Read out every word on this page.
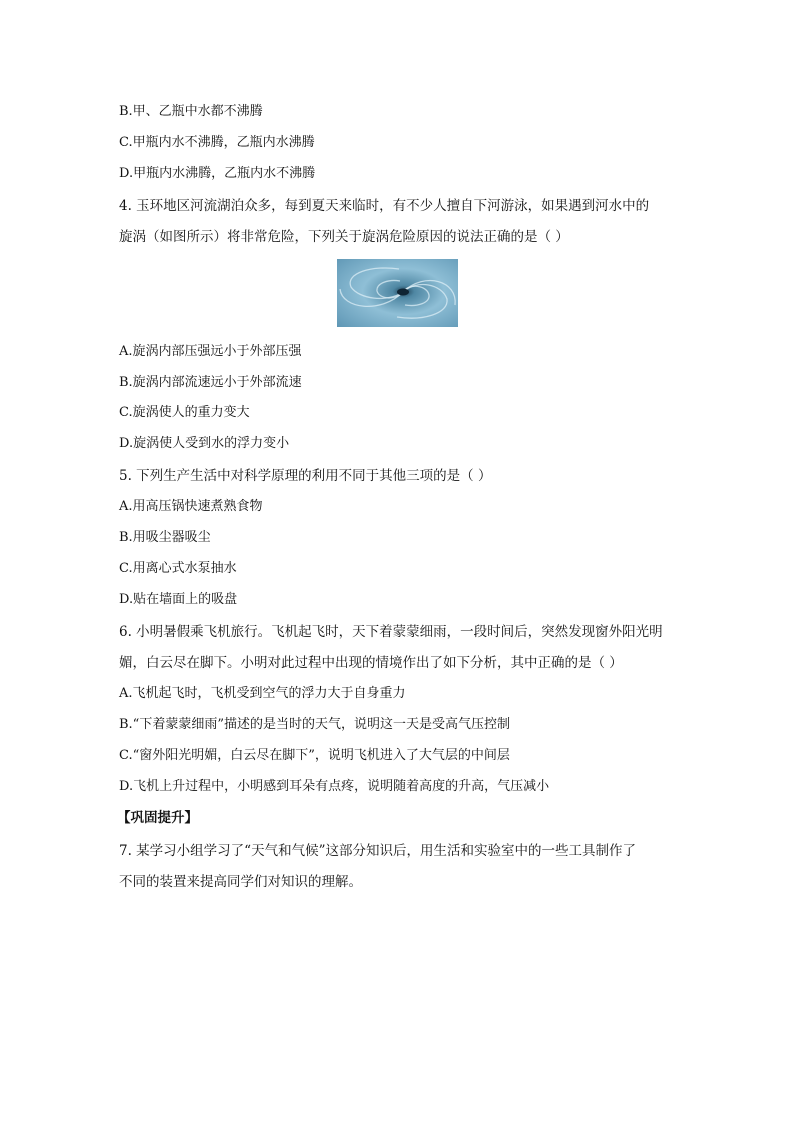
B.甲、乙瓶中水都不沸腾
C.甲瓶内水不沸腾，乙瓶内水沸腾
D.甲瓶内水沸腾，乙瓶内水不沸腾
4. 玉环地区河流湖泊众多，每到夏天来临时，有不少人擅自下河游泳，如果遇到河水中的
旋涡（如图所示）将非常危险，下列关于旋涡危险原因的说法正确的是（ ）
A.旋涡内部压强远小于外部压强
B.旋涡内部流速远小于外部流速
C.旋涡使人的重力变大
D.旋涡使人受到水的浮力变小
5. 下列生产生活中对科学原理的利用不同于其他三项的是（ ）
A.用高压锅快速煮熟食物
B.用吸尘器吸尘
C.用离心式水泵抽水
D.贴在墙面上的吸盘
6. 小明暑假乘飞机旅行。飞机起飞时，天下着蒙蒙细雨，一段时间后，突然发现窗外阳光明
媚，白云尽在脚下。小明对此过程中出现的情境作出了如下分析，其中正确的是（ ）
A.飞机起飞时，飞机受到空气的浮力大于自身重力
B.“下着蒙蒙细雨”描述的是当时的天气，说明这一天是受高气压控制
C.“窗外阳光明媚，白云尽在脚下”，说明飞机进入了大气层的中间层
D.飞机上升过程中，小明感到耳朵有点疼，说明随着高度的升高，气压减小
【巩固提升】
7. 某学习小组学习了“天气和气候”这部分知识后，用生活和实验室中的一些工具制作了
不同的装置来提高同学们对知识的理解。
